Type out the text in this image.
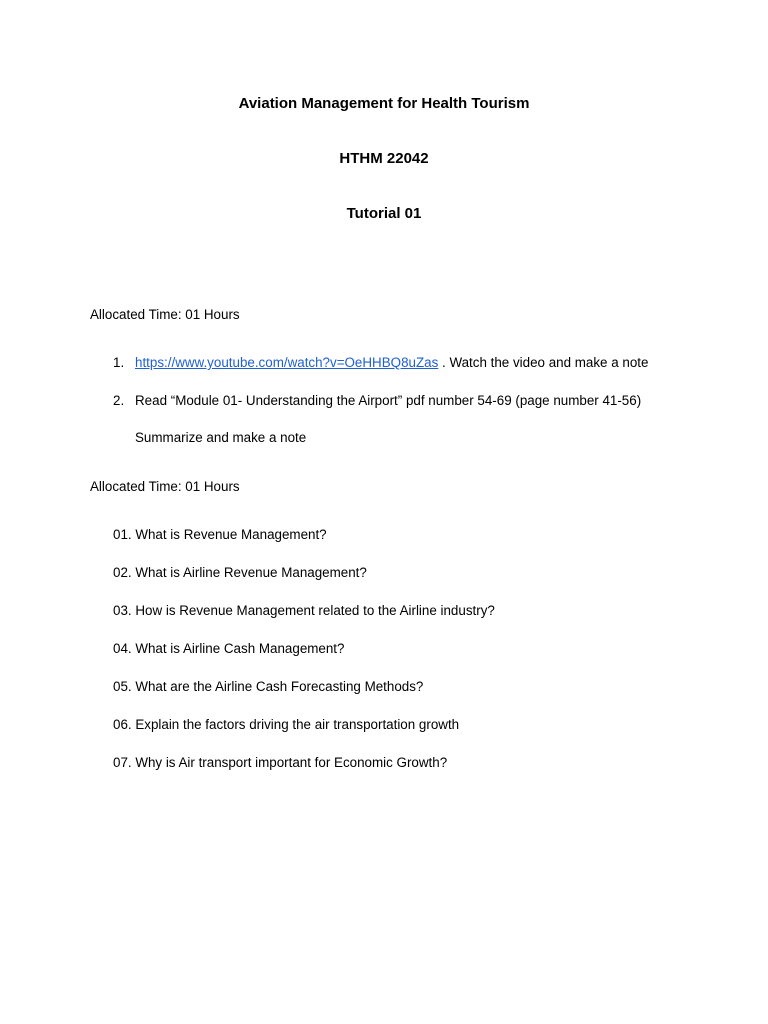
Aviation Management for Health Tourism
HTHM 22042
Tutorial 01
Allocated Time: 01 Hours
1. https://www.youtube.com/watch?v=OeHHBQ8uZas . Watch the video and make a note
2. Read “Module 01- Understanding the Airport” pdf number 54-69 (page number 41-56)
Summarize and make a note
Allocated Time: 01 Hours
01. What is Revenue Management?
02. What is Airline Revenue Management?
03. How is Revenue Management related to the Airline industry?
04. What is Airline Cash Management?
05. What are the Airline Cash Forecasting Methods?
06. Explain the factors driving the air transportation growth
07. Why is Air transport important for Economic Growth?
